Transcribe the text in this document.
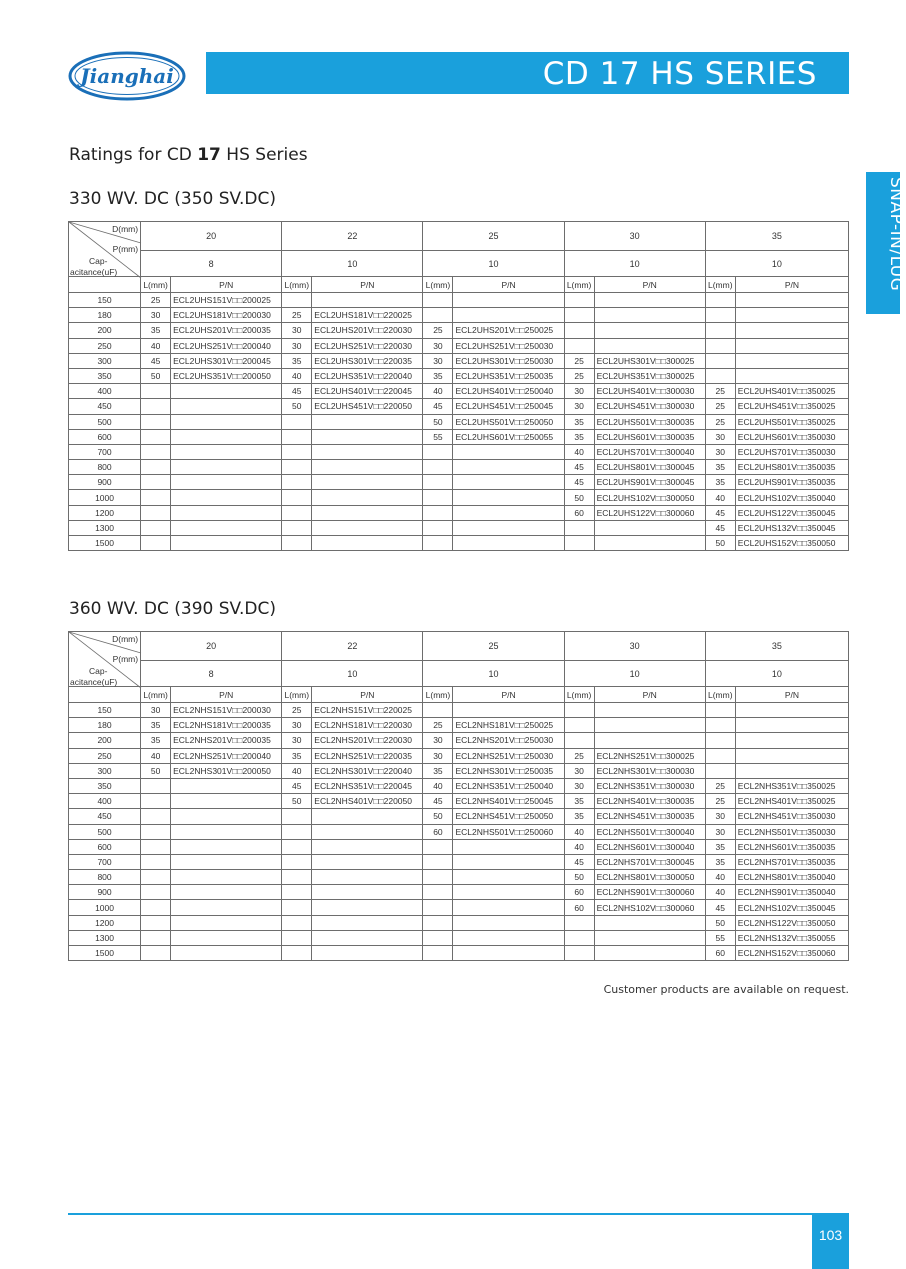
Jianghai	CD 17 HS SERIES
SNAP-IN/LUG
Ratings for CD 17 HS Series
330 WV. DC (350 SV.DC)
D(mm)
P(mm)
Cap-
acitance(uF)	20		22		25		30		35	
	8		10		10		10		10	
	L(mm)	P/N	L(mm)	P/N	L(mm)	P/N	L(mm)	P/N	L(mm)	P/N
150	25	ECL2UHS151V□□200025								
180	30	ECL2UHS181V□□200030	25	ECL2UHS181V□□220025						
200	35	ECL2UHS201V□□200035	30	ECL2UHS201V□□220030	25	ECL2UHS201V□□250025				
250	40	ECL2UHS251V□□200040	30	ECL2UHS251V□□220030	30	ECL2UHS251V□□250030				
300	45	ECL2UHS301V□□200045	35	ECL2UHS301V□□220035	30	ECL2UHS301V□□250030	25	ECL2UHS301V□□300025		
350	50	ECL2UHS351V□□200050	40	ECL2UHS351V□□220040	35	ECL2UHS351V□□250035	25	ECL2UHS351V□□300025		
400			45	ECL2UHS401V□□220045	40	ECL2UHS401V□□250040	30	ECL2UHS401V□□300030	25	ECL2UHS401V□□350025
450			50	ECL2UHS451V□□220050	45	ECL2UHS451V□□250045	30	ECL2UHS451V□□300030	25	ECL2UHS451V□□350025
500					50	ECL2UHS501V□□250050	35	ECL2UHS501V□□300035	25	ECL2UHS501V□□350025
600					55	ECL2UHS601V□□250055	35	ECL2UHS601V□□300035	30	ECL2UHS601V□□350030
700							40	ECL2UHS701V□□300040	30	ECL2UHS701V□□350030
800							45	ECL2UHS801V□□300045	35	ECL2UHS801V□□350035
900							45	ECL2UHS901V□□300045	35	ECL2UHS901V□□350035
1000							50	ECL2UHS102V□□300050	40	ECL2UHS102V□□350040
1200							60	ECL2UHS122V□□300060	45	ECL2UHS122V□□350045
1300									45	ECL2UHS132V□□350045
1500									50	ECL2UHS152V□□350050
360 WV. DC (390 SV.DC)
D(mm)
P(mm)
Cap-
acitance(uF)	20		22		25		30		35	
	8		10		10		10		10	
	L(mm)	P/N	L(mm)	P/N	L(mm)	P/N	L(mm)	P/N	L(mm)	P/N
150	30	ECL2NHS151V□□200030	25	ECL2NHS151V□□220025						
180	35	ECL2NHS181V□□200035	30	ECL2NHS181V□□220030	25	ECL2NHS181V□□250025				
200	35	ECL2NHS201V□□200035	30	ECL2NHS201V□□220030	30	ECL2NHS201V□□250030				
250	40	ECL2NHS251V□□200040	35	ECL2NHS251V□□220035	30	ECL2NHS251V□□250030	25	ECL2NHS251V□□300025		
300	50	ECL2NHS301V□□200050	40	ECL2NHS301V□□220040	35	ECL2NHS301V□□250035	30	ECL2NHS301V□□300030		
350			45	ECL2NHS351V□□220045	40	ECL2NHS351V□□250040	30	ECL2NHS351V□□300030	25	ECL2NHS351V□□350025
400			50	ECL2NHS401V□□220050	45	ECL2NHS401V□□250045	35	ECL2NHS401V□□300035	25	ECL2NHS401V□□350025
450					50	ECL2NHS451V□□250050	35	ECL2NHS451V□□300035	30	ECL2NHS451V□□350030
500					60	ECL2NHS501V□□250060	40	ECL2NHS501V□□300040	30	ECL2NHS501V□□350030
600							40	ECL2NHS601V□□300040	35	ECL2NHS601V□□350035
700							45	ECL2NHS701V□□300045	35	ECL2NHS701V□□350035
800							50	ECL2NHS801V□□300050	40	ECL2NHS801V□□350040
900							60	ECL2NHS901V□□300060	40	ECL2NHS901V□□350040
1000							60	ECL2NHS102V□□300060	45	ECL2NHS102V□□350045
1200									50	ECL2NHS122V□□350050
1300									55	ECL2NHS132V□□350055
1500									60	ECL2NHS152V□□350060
Customer products are available on request.
103
